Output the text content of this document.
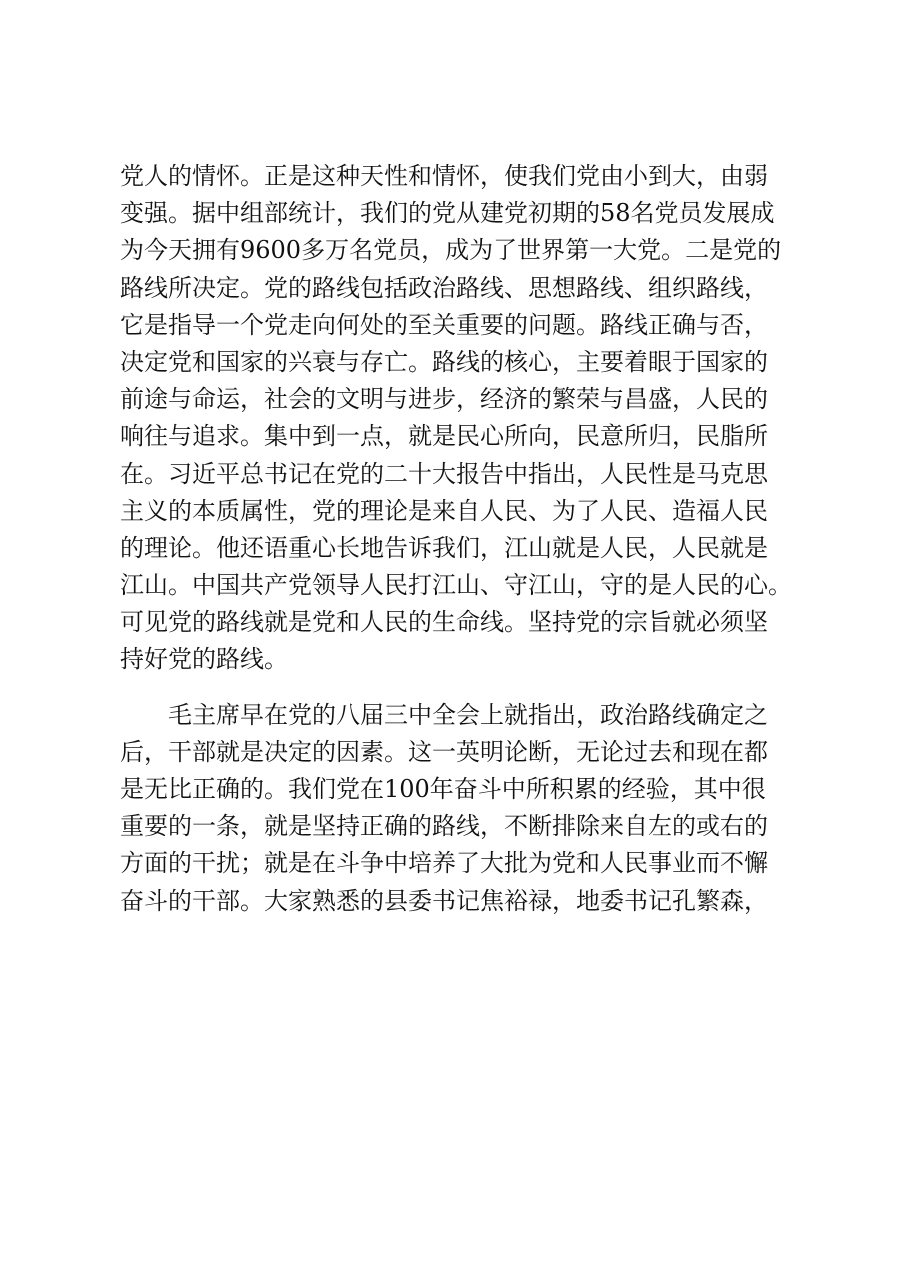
党人的情怀。正是这种天性和情怀，使我们党由小到大，由弱
变强。据中组部统计，我们的党从建党初期的58名党员发展成
为今天拥有9600多万名党员，成为了世界第一大党。二是党的
路线所决定。党的路线包括政治路线、思想路线、组织路线，
它是指导一个党走向何处的至关重要的问题。路线正确与否，
决定党和国家的兴衰与存亡。路线的核心，主要着眼于国家的
前途与命运，社会的文明与进步，经济的繁荣与昌盛，人民的
响往与追求。集中到一点，就是民心所向，民意所归，民脂所
在。习近平总书记在党的二十大报告中指出，人民性是马克思
主义的本质属性，党的理论是来自人民、为了人民、造福人民
的理论。他还语重心长地告诉我们，江山就是人民，人民就是
江山。中国共产党领导人民打江山、守江山，守的是人民的心。
可见党的路线就是党和人民的生命线。坚持党的宗旨就必须坚
持好党的路线。
毛主席早在党的八届三中全会上就指出，政治路线确定之
后，干部就是决定的因素。这一英明论断，无论过去和现在都
是无比正确的。我们党在100年奋斗中所积累的经验，其中很
重要的一条，就是坚持正确的路线，不断排除来自左的或右的
方面的干扰；就是在斗争中培养了大批为党和人民事业而不懈
奋斗的干部。大家熟悉的县委书记焦裕禄，地委书记孔繁森，
